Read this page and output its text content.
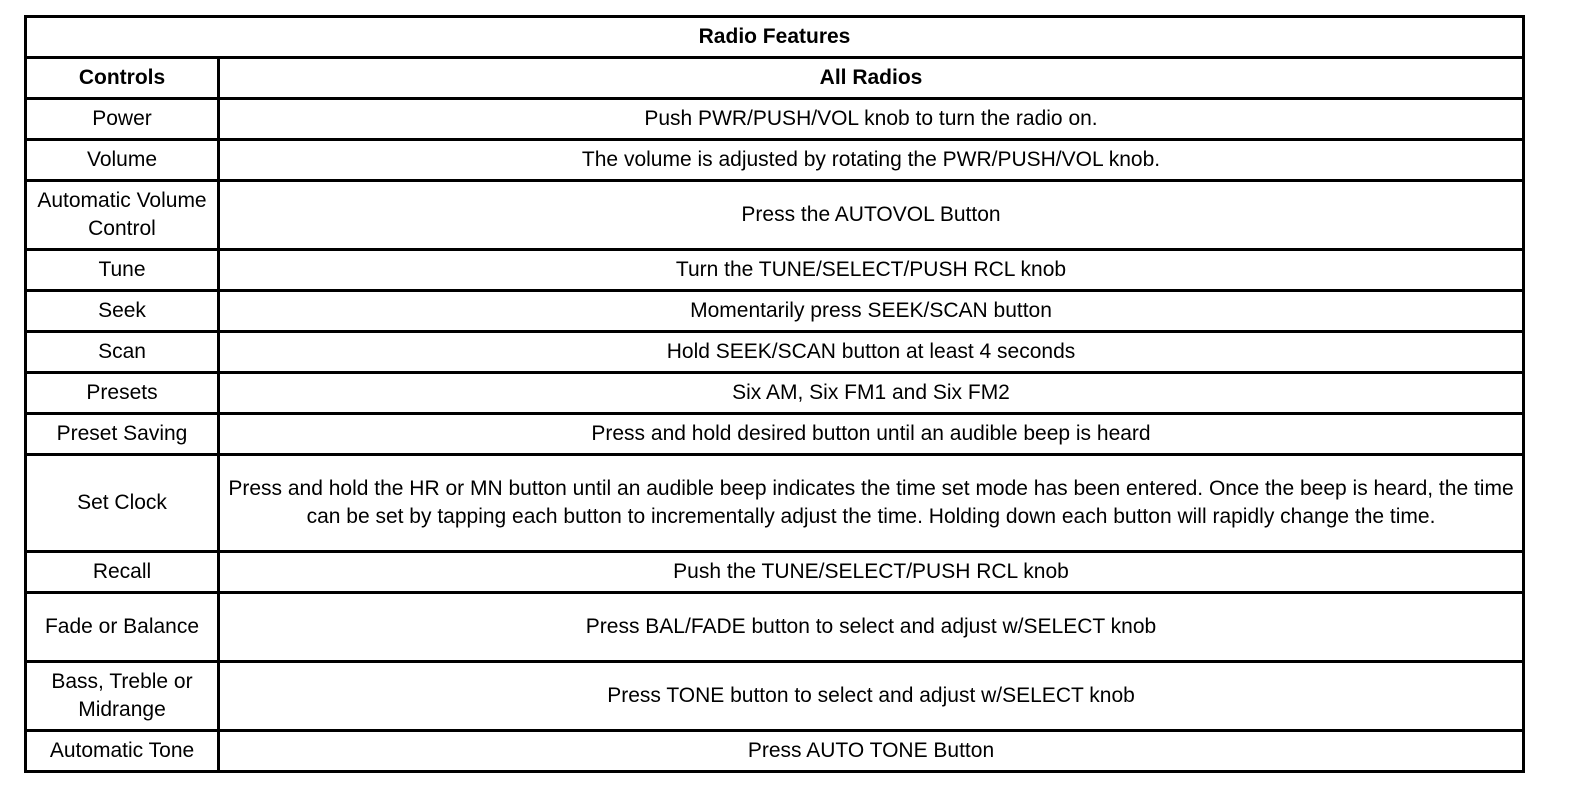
Radio Features	
Controls	All Radios
Power	Push PWR/PUSH/VOL knob to turn the radio on.
Volume	The volume is adjusted by rotating the PWR/PUSH/VOL knob.
Automatic Volume Control	Press the AUTOVOL Button
Tune	Turn the TUNE/SELECT/PUSH RCL knob
Seek	Momentarily press SEEK/SCAN button
Scan	Hold SEEK/SCAN button at least 4 seconds
Presets	Six AM, Six FM1 and Six FM2
Preset Saving	Press and hold desired button until an audible beep is heard
Set Clock	Press and hold the HR or MN button until an audible beep indicates the time set mode has been entered. Once the beep is heard, the time can be set by tapping each button to incrementally adjust the time. Holding down each button will rapidly change the time.
Recall	Push the TUNE/SELECT/PUSH RCL knob
Fade or Balance	Press BAL/FADE button to select and adjust w/SELECT knob
Bass, Treble or Midrange	Press TONE button to select and adjust w/SELECT knob
Automatic Tone	Press AUTO TONE Button
